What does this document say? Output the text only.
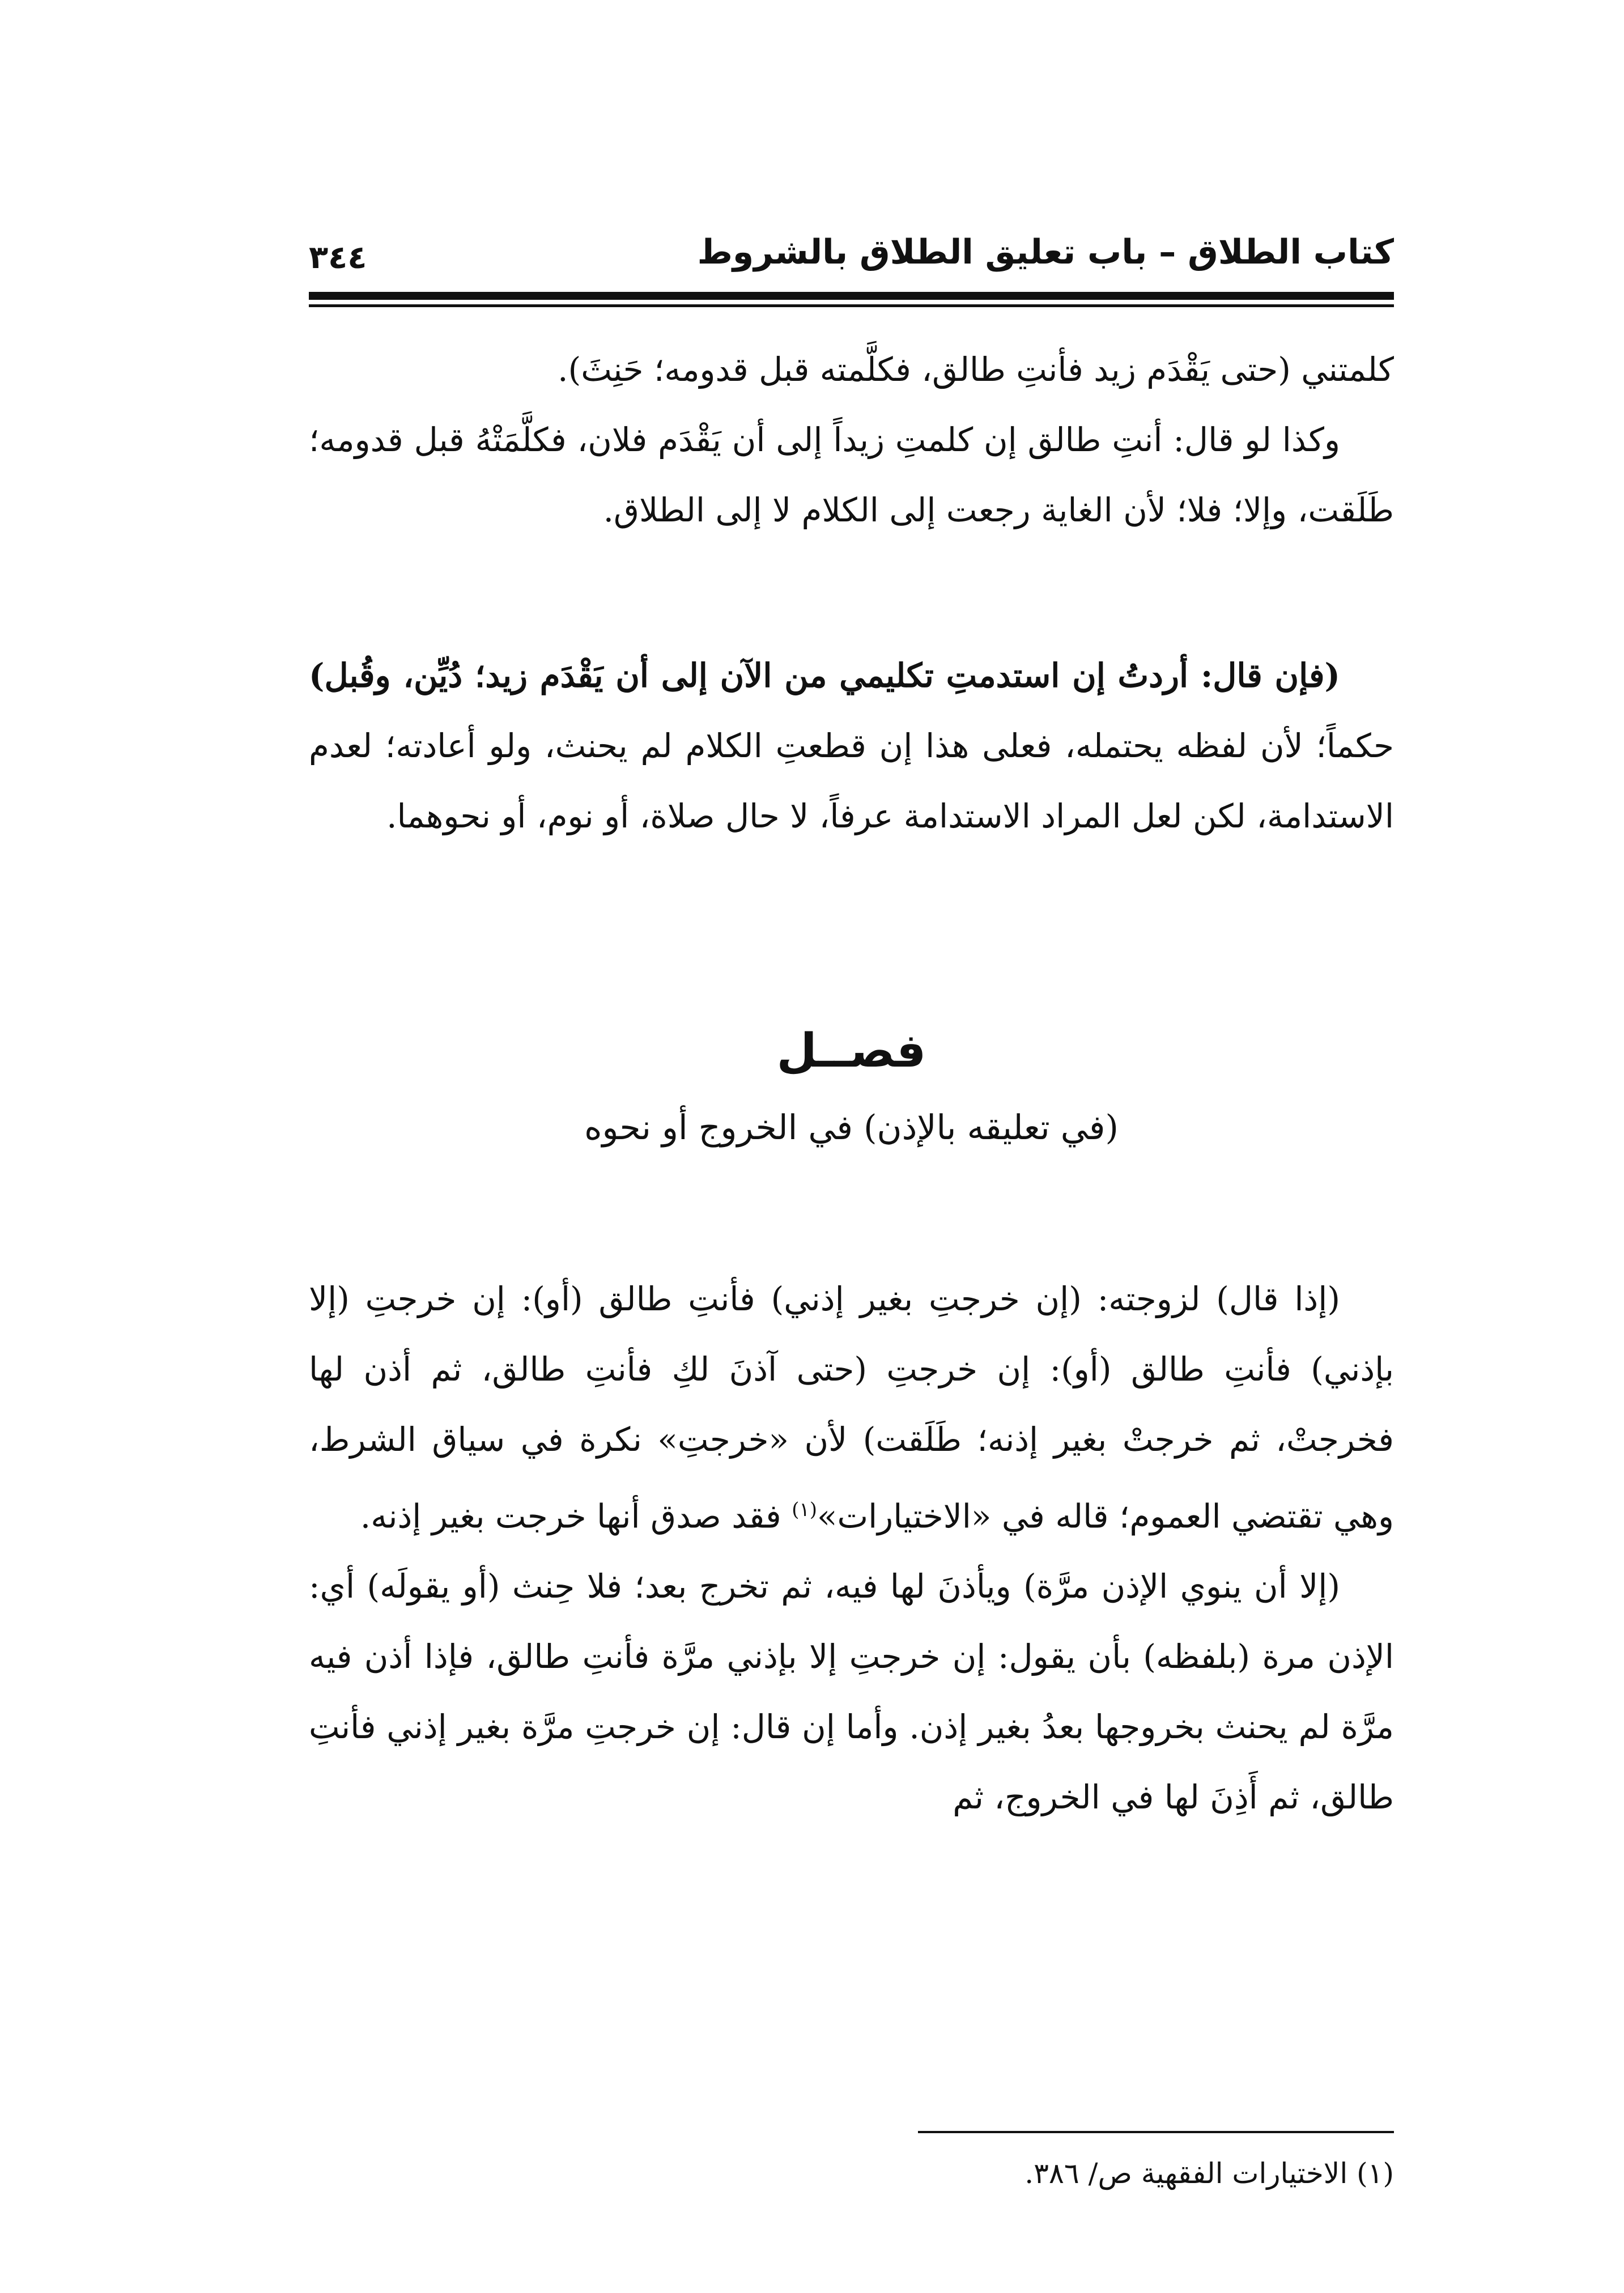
كتاب الطلاق – باب تعليق الطلاق بالشروط
٣٤٤

كلمتني (حتى يَقْدَم زيد فأنتِ طالق، فكلَّمته قبل قدومه؛ حَنِثَ).

وكذا لو قال: أنتِ طالق إن كلمتِ زيداً إلى أن يَقْدَم فلان، فكلَّمَتْهُ قبل قدومه؛ طَلَقت، وإلا؛ فلا؛ لأن الغاية رجعت إلى الكلام لا إلى الطلاق.

(فإن قال: أردتُ إن استدمتِ تكليمي من الآن إلى أن يَقْدَم زيد؛ دُيِّن، وقُبل) حكماً؛ لأن لفظه يحتمله، فعلى هذا إن قطعتِ الكلام لم يحنث، ولو أعادته؛ لعدم الاستدامة، لكن لعل المراد الاستدامة عرفاً، لا حال صلاة، أو نوم، أو نحوهما.

فصــل
(في تعليقه بالإذن) في الخروج أو نحوه

(إذا قال) لزوجته: (إن خرجتِ بغير إذني) فأنتِ طالق (أو): إن خرجتِ (إلا بإذني) فأنتِ طالق (أو): إن خرجتِ (حتى آذنَ لكِ فأنتِ طالق، ثم أذن لها فخرجتْ، ثم خرجتْ بغير إذنه؛ طَلَقت) لأن «خرجتِ» نكرة في سياق الشرط، وهي تقتضي العموم؛ قاله في «الاختيارات»$^{(١)}$ فقد صدق أنها خرجت بغير إذنه.

(إلا أن ينوي الإذن مرَّة) ويأذنَ لها فيه، ثم تخرج بعد؛ فلا حِنث (أو يقولَه) أي: الإذن مرة (بلفظه) بأن يقول: إن خرجتِ إلا بإذني مرَّة فأنتِ طالق، فإذا أذن فيه مرَّة لم يحنث بخروجها بعدُ بغير إذن. وأما إن قال: إن خرجتِ مرَّة بغير إذني فأنتِ طالق، ثم أَذِنَ لها في الخروج، ثم

(١) الاختيارات الفقهية ص/ ٣٨٦.
